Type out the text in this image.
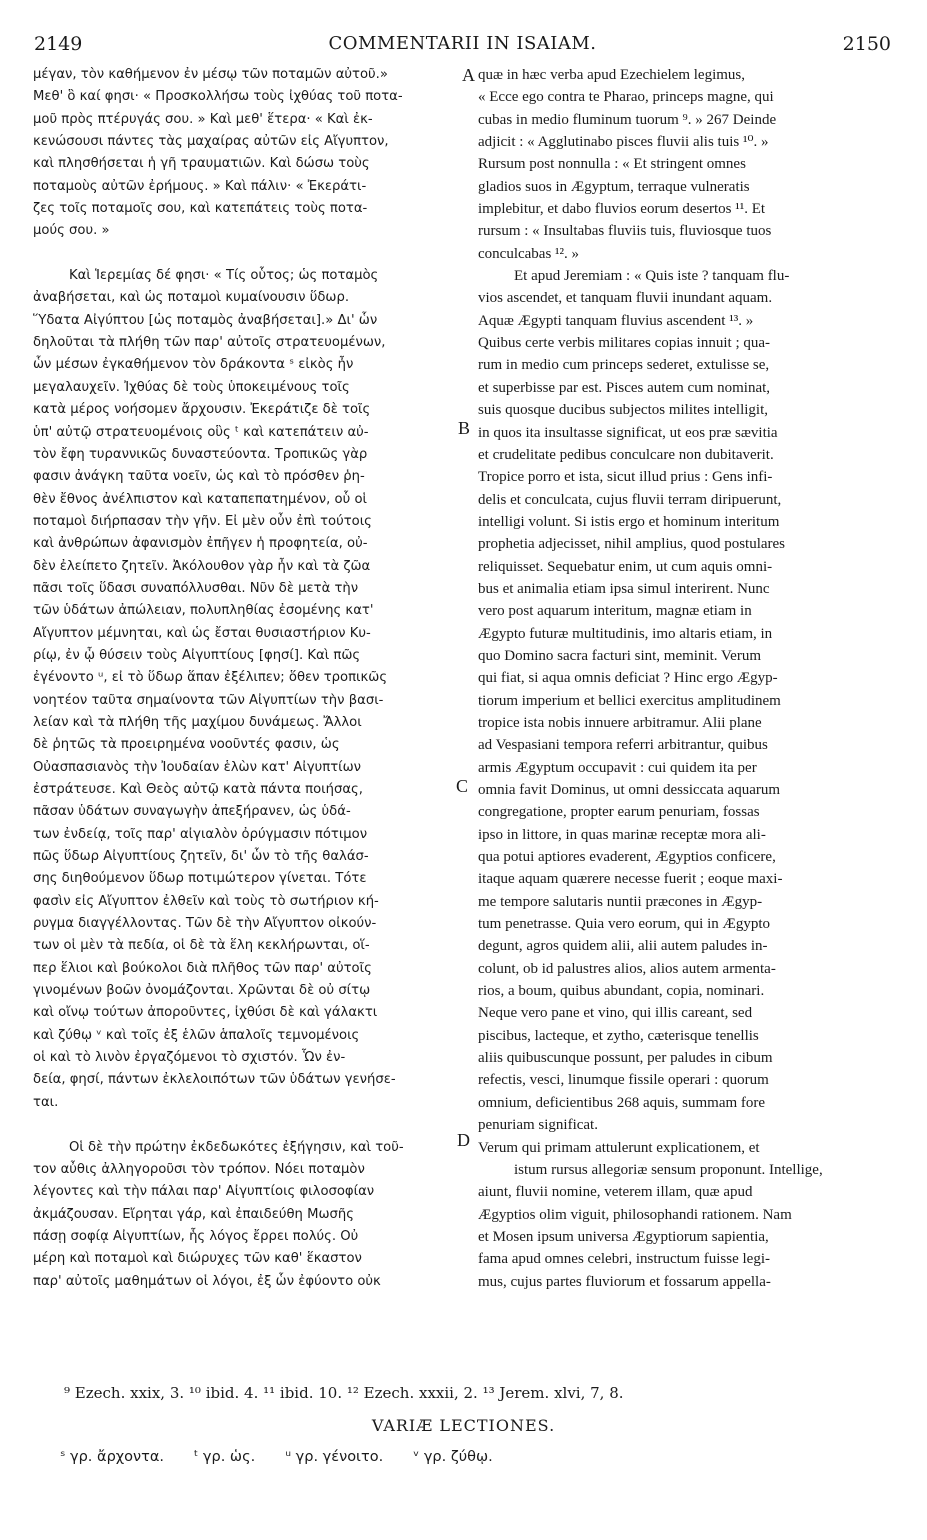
2149	COMMENTARII IN ISAIAM.	2150
μέγαν, τὸν καθήμενον ἐν μέσῳ τῶν ποταμῶν αὐτοῦ.»
Μεθ' ὃ καί φησι· « Προσκολλήσω τοὺς ἰχθύας τοῦ ποτα-
μοῦ πρὸς πτέρυγάς σου. » Καὶ μεθ' ἕτερα· « Καὶ ἐκ-
κενώσουσι πάντες τὰς μαχαίρας αὐτῶν εἰς Αἴγυπτον,
καὶ πλησθήσεται ἡ γῆ τραυματιῶν. Καὶ δώσω τοὺς
ποταμοὺς αὐτῶν ἐρήμους. » Καὶ πάλιν· « Ἐκεράτι-
ζες τοῖς ποταμοῖς σου, καὶ κατεπάτεις τοὺς ποτα-
μούς σου. »
Καὶ Ἱερεμίας δέ φησι· « Τίς οὗτος; ὡς ποταμὸς
ἀναβήσεται, καὶ ὡς ποταμοὶ κυμαίνουσιν ὕδωρ.
Ὕδατα Αἰγύπτου [ὡς ποταμὸς ἀναβήσεται].» Δι' ὧν
δηλοῦται τὰ πλήθη τῶν παρ' αὐτοῖς στρατευομένων,
ὧν μέσων ἐγκαθήμενον τὸν δράκοντα ˢ εἰκὸς ἦν
μεγαλαυχεῖν. Ἰχθύας δὲ τοὺς ὑποκειμένους τοῖς
κατὰ μέρος νοήσομεν ἄρχουσιν. Ἐκεράτιζε δὲ τοῖς
ὑπ' αὐτῷ στρατευομένοις οὓς ᵗ καὶ κατεπάτειν αὐ-
τὸν ἔφη τυραννικῶς δυναστεύοντα. Τροπικῶς γὰρ
φασιν ἀνάγκη ταῦτα νοεῖν, ὡς καὶ τὸ πρόσθεν ῥη-
θὲν ἔθνος ἀνέλπιστον καὶ καταπεπατημένον, οὗ οἱ
ποταμοὶ διήρπασαν τὴν γῆν. Εἰ μὲν οὖν ἐπὶ τούτοις
καὶ ἀνθρώπων ἀφανισμὸν ἐπῆγεν ἡ προφητεία, οὐ-
δὲν ἐλείπετο ζητεῖν. Ἀκόλουθον γὰρ ἦν καὶ τὰ ζῶα
πᾶσι τοῖς ὕδασι συναπόλλυσθαι. Νῦν δὲ μετὰ τὴν
τῶν ὑδάτων ἀπώλειαν, πολυπληθίας ἐσομένης κατ'
Αἴγυπτον μέμνηται, καὶ ὡς ἔσται θυσιαστήριον Κυ-
ρίῳ, ἐν ᾧ θύσειν τοὺς Αἰγυπτίους [φησί]. Καὶ πῶς
ἐγένοντο ᵘ, εἰ τὸ ὕδωρ ἅπαν ἐξέλιπεν; ὅθεν τροπικῶς
νοητέον ταῦτα σημαίνοντα τῶν Αἰγυπτίων τὴν βασι-
λείαν καὶ τὰ πλήθη τῆς μαχίμου δυνάμεως. Ἄλλοι
δὲ ῥητῶς τὰ προειρημένα νοοῦντές φασιν, ὡς
Οὐασπασιανὸς τὴν Ἰουδαίαν ἑλὼν κατ' Αἰγυπτίων
ἐστράτευσε. Καὶ Θεὸς αὐτῷ κατὰ πάντα ποιήσας,
πᾶσαν ὑδάτων συναγωγὴν ἀπεξήρανεν, ὡς ὑδά-
των ἐνδείᾳ, τοῖς παρ' αἰγιαλὸν ὀρύγμασιν πότιμον
πῶς ὕδωρ Αἰγυπτίους ζητεῖν, δι' ὧν τὸ τῆς θαλάσ-
σης διηθούμενον ὕδωρ ποτιμώτερον γίνεται. Τότε
φασὶν εἰς Αἴγυπτον ἐλθεῖν καὶ τοὺς τὸ σωτήριον κή-
ρυγμα διαγγέλλοντας. Τῶν δὲ τὴν Αἴγυπτον οἰκούν-
των οἱ μὲν τὰ πεδία, οἱ δὲ τὰ ἕλη κεκλήρωνται, οἵ-
περ ἕλιοι καὶ βούκολοι διὰ πλῆθος τῶν παρ' αὐτοῖς
γινομένων βοῶν ὀνομάζονται. Χρῶνται δὲ οὐ σίτῳ
καὶ οἴνῳ τούτων ἀποροῦντες, ἰχθύσι δὲ καὶ γάλακτι
καὶ ζύθῳ ᵛ καὶ τοῖς ἐξ ἑλῶν ἁπαλοῖς τεμνομένοις
οἱ καὶ τὸ λινὸν ἐργαζόμενοι τὸ σχιστόν. Ὧν ἐν-
δεία, φησί, πάντων ἐκλελοιπότων τῶν ὑδάτων γενήσε-
ται.
Οἱ δὲ τὴν πρώτην ἐκδεδωκότες ἐξήγησιν, καὶ τοῦ-
τον αὖθις ἀλληγοροῦσι τὸν τρόπον. Νόει ποταμὸν
λέγοντες καὶ τὴν πάλαι παρ' Αἰγυπτίοις φιλοσοφίαν
ἀκμάζουσαν. Εἴρηται γάρ, καὶ ἐπαιδεύθη Μωσῆς
πάσῃ σοφίᾳ Αἰγυπτίων, ἧς λόγος ἔρρει πολύς. Οὐ
μέρη καὶ ποταμοὶ καὶ διώρυχες τῶν καθ' ἕκαστον
παρ' αὐτοῖς μαθημάτων οἱ λόγοι, ἐξ ὧν ἐφύοντο οὐκ
quæ in hæc verba apud Ezechielem legimus,
« Ecce ego contra te Pharao, princeps magne, qui
cubas in medio fluminum tuorum ⁹. » 267 Deinde
adjicit : « Agglutinabo pisces fluvii alis tuis ¹⁰. »
Rursum post nonnulla : « Et stringent omnes
gladios suos in Ægyptum, terraque vulneratis
implebitur, et dabo fluvios eorum desertos ¹¹. Et
rursum : « Insultabas fluviis tuis, fluviosque tuos
conculcabas ¹². »
Et apud Jeremiam : « Quis iste ? tanquam flu-
vios ascendet, et tanquam fluvii inundant aquam.
Aquæ Ægypti tanquam fluvius ascendent ¹³. »
Quibus certe verbis militares copias innuit ; qua-
rum in medio cum princeps sederet, extulisse se,
et superbisse par est. Pisces autem cum nominat,
suis quosque ducibus subjectos milites intelligit,
in quos ita insultasse significat, ut eos præ sævitia
et crudelitate pedibus conculcare non dubitaverit.
Tropice porro et ista, sicut illud prius : Gens infi-
delis et conculcata, cujus fluvii terram diripuerunt,
intelligi volunt. Si istis ergo et hominum interitum
prophetia adjecisset, nihil amplius, quod postulares
reliquisset. Sequebatur enim, ut cum aquis omni-
bus et animalia etiam ipsa simul interirent. Nunc
vero post aquarum interitum, magnæ etiam in
Ægypto futuræ multitudinis, imo altaris etiam, in
quo Domino sacra facturi sint, meminit. Verum
qui fiat, si aqua omnis deficiat ? Hinc ergo Ægyp-
tiorum imperium et bellici exercitus amplitudinem
tropice ista nobis innuere arbitramur. Alii plane
ad Vespasiani tempora referri arbitrantur, quibus
armis Ægyptum occupavit : cui quidem ita per
omnia favit Dominus, ut omni dessiccata aquarum
congregatione, propter earum penuriam, fossas
ipso in littore, in quas marinæ receptæ mora ali-
qua potui aptiores evaderent, Ægyptios conficere,
itaque aquam quærere necesse fuerit ; eoque maxi-
me tempore salutaris nuntii præcones in Ægyp-
tum penetrasse. Quia vero eorum, qui in Ægypto
degunt, agros quidem alii, alii autem paludes in-
colunt, ob id palustres alios, alios autem armenta-
rios, a boum, quibus abundant, copia, nominari.
Neque vero pane et vino, qui illis careant, sed
piscibus, lacteque, et zytho, cæterisque tenellis
aliis quibuscunque possunt, per paludes in cibum
refectis, vesci, linumque fissile operari : quorum
omnium, deficientibus 268 aquis, summam fore
penuriam significat.
Verum qui primam attulerunt explicationem, et
istum rursus allegoriæ sensum proponunt. Intellige,
aiunt, fluvii nomine, veterem illam, quæ apud
Ægyptios olim viguit, philosophandi rationem. Nam
et Mosen ipsum universa Ægyptiorum sapientia,
fama apud omnes celebri, instructum fuisse legi-
mus, cujus partes fluviorum et fossarum appella-
A
B
C
D
⁹ Ezech. xxix, 3. ¹⁰ ibid. 4. ¹¹ ibid. 10. ¹² Ezech. xxxii, 2. ¹³ Jerem. xlvi, 7, 8.
VARIÆ LECTIONES.
ˢ γρ. ἄρχοντα. ᵗ γρ. ὡς. ᵘ γρ. γένοιτο. ᵛ γρ. ζύθῳ.
